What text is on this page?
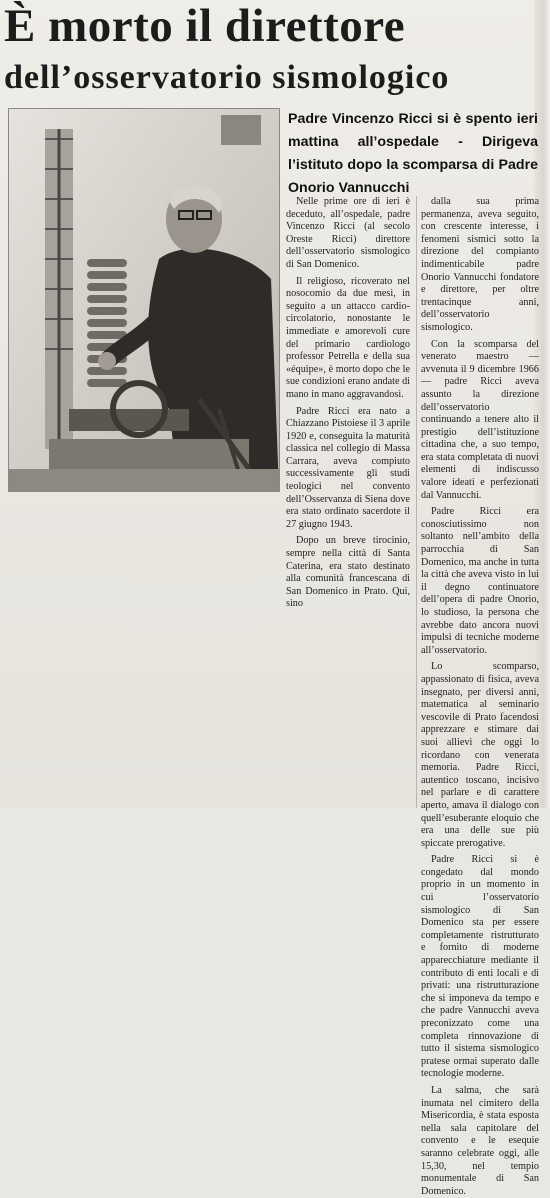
È morto il direttore
dell’osservatorio sismologico
Padre Vincenzo Ricci si è spento ieri mattina all’ospedale - Dirigeva l’istituto dopo la scomparsa di Padre Onorio Vannucchi

Nelle prime ore di ieri è deceduto, all’ospedale, padre Vincenzo Ricci (al secolo Oreste Ricci) direttore dell’osservatorio sismologico di San Domenico.

Il religioso, ricoverato nel nosocomio da due mesi, in seguito a un attacco cardio-circolatorio, nonostante le immediate e amorevoli cure del primario cardiologo professor Petrella e della sua «équipe», è morto dopo che le sue condizioni erano andate di mano in mano aggravandosi.

Padre Ricci era nato a Chiazzano Pistoiese il 3 aprile 1920 e, conseguita la maturità classica nel collegio di Massa Carrara, aveva compiuto successivamente gli studi teologici nel convento dell’Osservanza di Siena dove era stato ordinato sacerdote il 27 giugno 1943.

Dopo un breve tirocinio, sempre nella città di Santa Caterina, era stato destinato alla comunità francescana di San Domenico in Prato. Qui, sino

dalla sua prima permanenza, aveva seguito, con crescente interesse, i fenomeni sismici sotto la direzione del compianto indimenticabile padre Onorio Vannucchi fondatore e direttore, per oltre trentacinque anni, dell’osservatorio sismologico.

Con la scomparsa del venerato maestro — avvenuta il 9 dicembre 1966 — padre Ricci aveva assunto la direzione dell’osservatorio continuando a tenere alto il prestigio dell’istituzione cittadina che, a suo tempo, era stata completata di nuovi elementi di indiscusso valore ideati e perfezionati dal Vannucchi.

Padre Ricci era conosciutissimo non soltanto nell’ambito della parrocchia di San Domenico, ma anche in tutta la città che aveva visto in lui il degno continuatore dell’opera di padre Onorio, lo studioso, la persona che avrebbe dato ancora nuovi impulsi di tecniche moderne all’osservatorio.

Lo scomparso, appassionato di fisica, aveva insegnato, per diversi anni, matematica al seminario vescovile di Prato facendosi apprezzare e stimare dai suoi allievi che oggi lo ricordano con venerata memoria. Padre Ricci, autentico toscano, incisivo nel parlare e di carattere aperto, amava il dialogo con quell’esuberante eloquio che era una delle sue più spiccate prerogative.

Padre Ricci si è congedato dal mondo proprio in un momento in cui l’osservatorio sismologico di San Domenico sta per essere completamente ristrutturato e fornito di moderne apparecchiature mediante il contributo di enti locali e di privati: una ristrutturazione che si imponeva da tempo e che padre Vannucchi aveva preconizzato come una completa rinnovazione di tutto il sistema sismologico pratese ormai superato dalle tecnologie moderne.

La salma, che sarà inumata nel cimitero della Misericordia, è stata esposta nella sala capitolare del convento e le esequie saranno celebrate oggi, alle 15,30, nel tempio monumentale di San Domenico.
